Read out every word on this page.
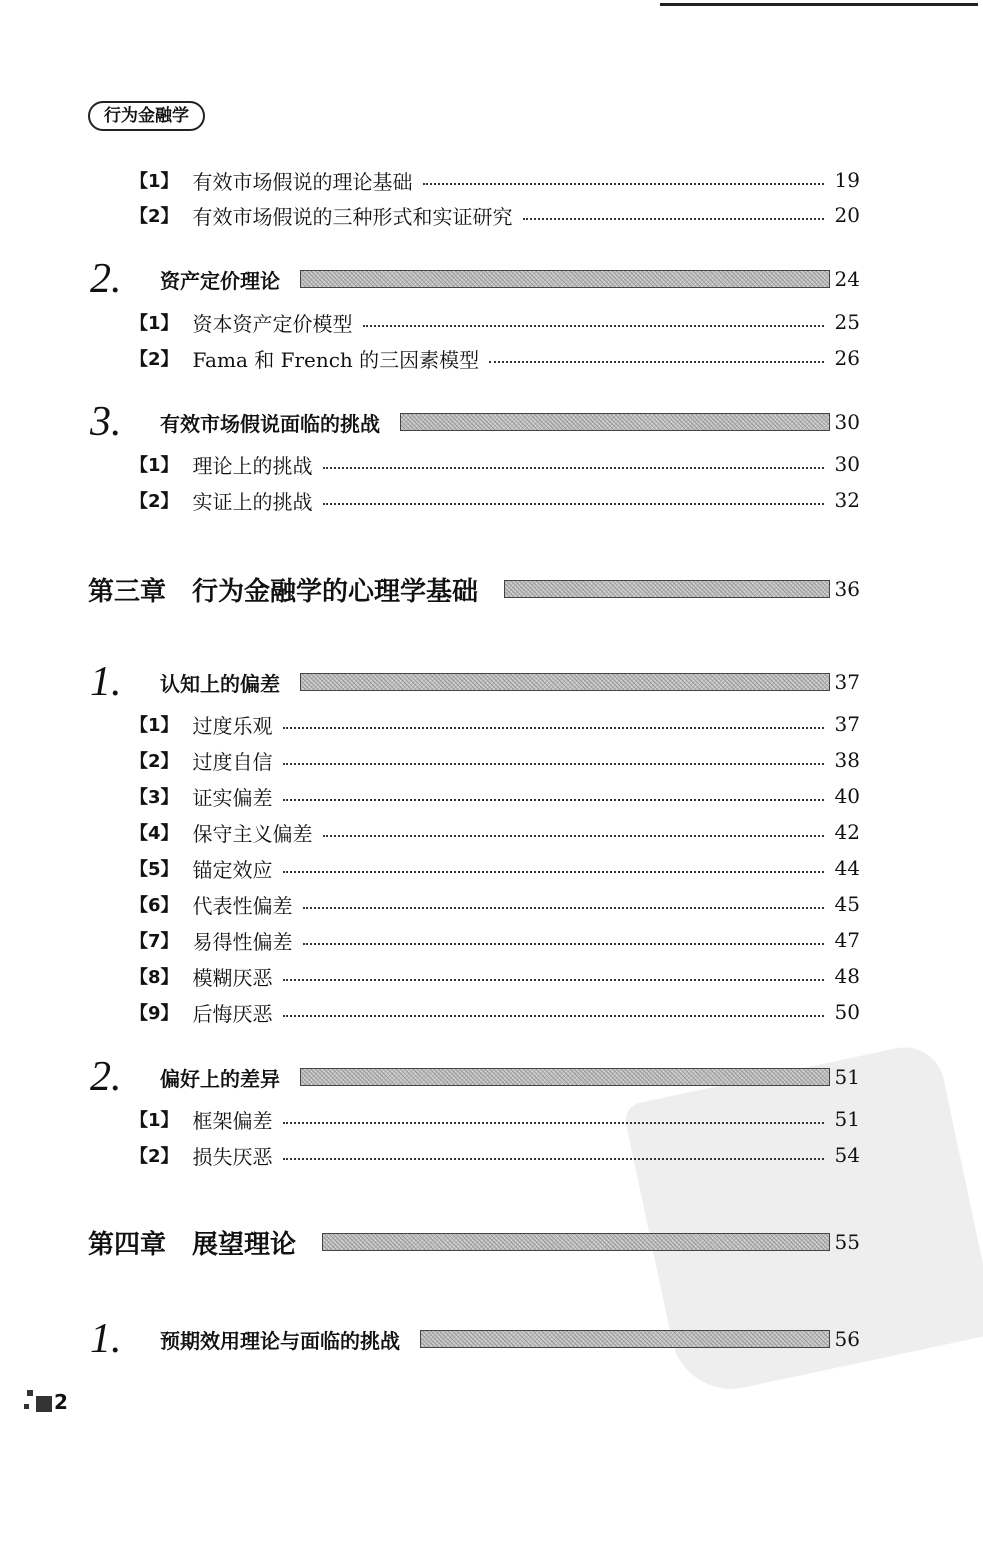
行为金融学
【1】 有效市场假说的理论基础	19
【2】 有效市场假说的三种形式和实证研究	20
2.	资产定价理论	24
【1】 资本资产定价模型	25
【2】 Fama 和 French 的三因素模型	26
3.	有效市场假说面临的挑战	30
【1】 理论上的挑战	30
【2】 实证上的挑战	32
第三章　行为金融学的心理学基础	36
1.	认知上的偏差	37
【1】 过度乐观	37
【2】 过度自信	38
【3】 证实偏差	40
【4】 保守主义偏差	42
【5】 锚定效应	44
【6】 代表性偏差	45
【7】 易得性偏差	47
【8】 模糊厌恶	48
【9】 后悔厌恶	50
2.	偏好上的差异	51
【1】 框架偏差	51
【2】 损失厌恶	54
第四章　展望理论	55
1.	预期效用理论与面临的挑战	56
2
